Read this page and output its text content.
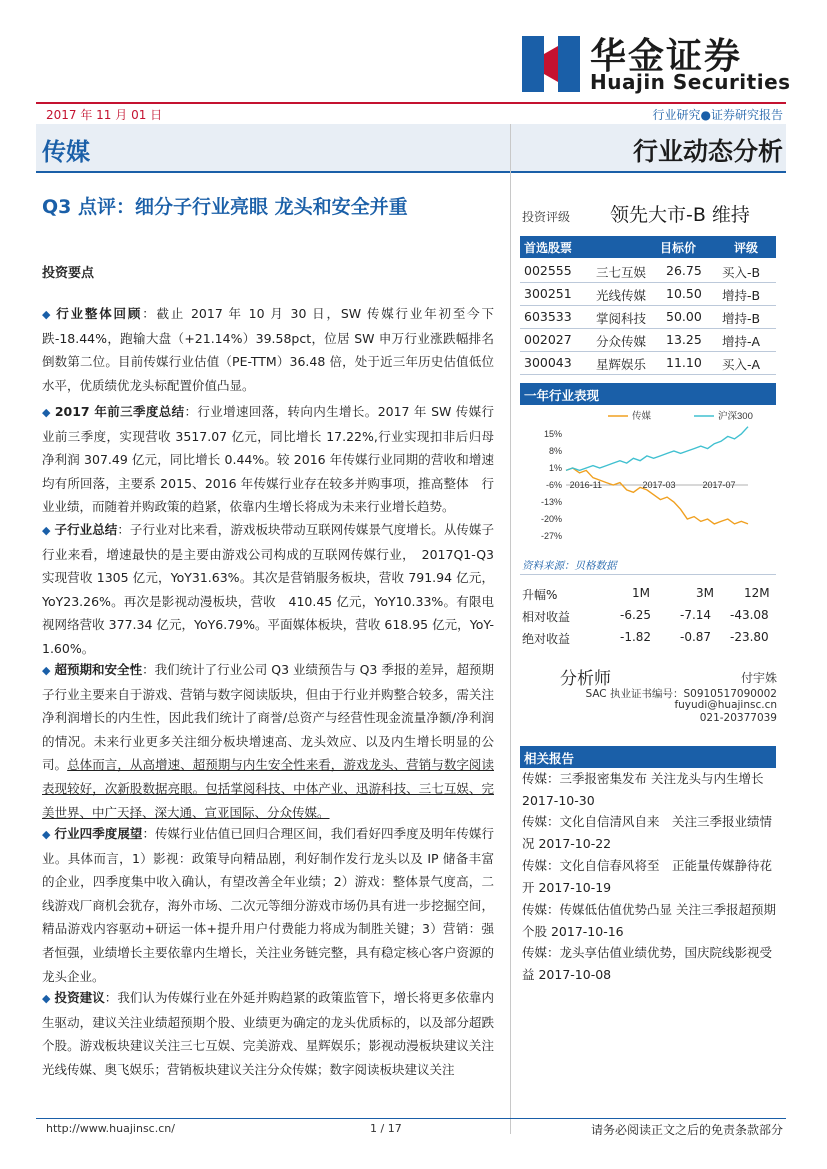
华金证券
Huajin Securities
2017 年 11 月 01 日	行业研究●证券研究报告
传媒	行业动态分析
Q3 点评：细分子行业亮眼 龙头和安全并重
投资要点
◆ 行业整体回顾：截止 2017 年 10 月 30 日，SW 传媒行业年初至今下跌-18.44%，跑输大盘（+21.14%）39.58pct，位居 SW 申万行业涨跌幅排名倒数第二位。目前传媒行业估值（PE-TTM）36.48 倍，处于近三年历史估值低位水平，优质绩优龙头标配置价值凸显。
◆ 2017 年前三季度总结：行业增速回落，转向内生增长。2017 年 SW 传媒行业前三季度，实现营收 3517.07 亿元，同比增长 17.22%,行业实现扣非后归母净利润 307.49 亿元，同比增长 0.44%。较 2016 年传媒行业同期的营收和增速均有所回落，主要系 2015、2016 年传媒行业存在较多并购事项，推高整体　行业业绩，而随着并购政策的趋紧，依靠内生增长将成为未来行业增长趋势。
◆ 子行业总结：子行业对比来看，游戏板块带动互联网传媒景气度增长。从传媒子行业来看，增速最快的是主要由游戏公司构成的互联网传媒行业，　2017Q1-Q3 实现营收 1305 亿元，YoY31.63%。其次是营销服务板块，营收 791.94 亿元，YoY23.26%。再次是影视动漫板块，营收　410.45 亿元，YoY10.33%。有限电视网络营收 377.34 亿元，YoY6.79%。平面媒体板块，营收 618.95 亿元，YoY-1.60%。
◆ 超预期和安全性：我们统计了行业公司 Q3 业绩预告与 Q3 季报的差异，超预期子行业主要来自于游戏、营销与数字阅读版块，但由于行业并购整合较多，需关注净利润增长的内生性，因此我们统计了商誉/总资产与经营性现金流量净额/净利润的情况。未来行业更多关注细分板块增速高、龙头效应、以及内生增长明显的公司。总体而言，从高增速、超预期与内生安全性来看，游戏龙头、营销与数字阅读表现较好，次新股数据亮眼。包括掌阅科技、中体产业、迅游科技、三七互娱、完美世界、中广天择、深大通、宣亚国际、分众传媒。
◆ 行业四季度展望：传媒行业估值已回归合理区间，我们看好四季度及明年传媒行业。具体而言，1）影视：政策导向精品剧，利好制作发行龙头以及 IP 储备丰富的企业，四季度集中收入确认，有望改善全年业绩；2）游戏：整体景气度高，二线游戏厂商机会犹存，海外市场、二次元等细分游戏市场仍具有进一步挖掘空间，精品游戏内容驱动+研运一体+提升用户付费能力将成为制胜关键；3）营销：强者恒强，业绩增长主要依靠内生增长，关注业务链完整，具有稳定核心客户资源的龙头企业。
◆ 投资建议：我们认为传媒行业在外延并购趋紧的政策监管下，增长将更多依靠内生驱动，建议关注业绩超预期个股、业绩更为确定的龙头优质标的，以及部分超跌个股。游戏板块建议关注三七互娱、完美游戏、星辉娱乐；影视动漫板块建议关注光线传媒、奥飞娱乐；营销板块建议关注分众传媒；数字阅读板块建议关注
投资评级 领先大市-B 维持
首选股票	目标价	评级
002555 三七互娱 26.75 买入-B
300251 光线传媒 10.50 增持-B
603533 掌阅科技 50.00 增持-B
002027 分众传媒 13.25 增持-A
300043 星辉娱乐 11.10 买入-A
一年行业表现
传媒	沪深300
15%
8%
1%
-6%
-13%
-20%
-27%
2016-11	2017-03	2017-07
资料来源：贝格数据
升幅%	1M	3M	12M
相对收益	-6.25 -7.14 -43.08
绝对收益	-1.82 -0.87 -23.80
分析师	付宇姝
SAC 执业证书编号：S0910517090002
fuyudi@huajinsc.cn
021-20377039
相关报告
传媒：三季报密集发布 关注龙头与内生增长 2017-10-30
传媒：文化自信清风自来　关注三季报业绩情况 2017-10-22
传媒：文化自信春风将至　正能量传媒静待花开 2017-10-19
传媒：传媒低估值优势凸显 关注三季报超预期个股 2017-10-16
传媒：龙头享估值业绩优势，国庆院线影视受益 2017-10-08
http://www.huajinsc.cn/	1 / 17	请务必阅读正文之后的免责条款部分
